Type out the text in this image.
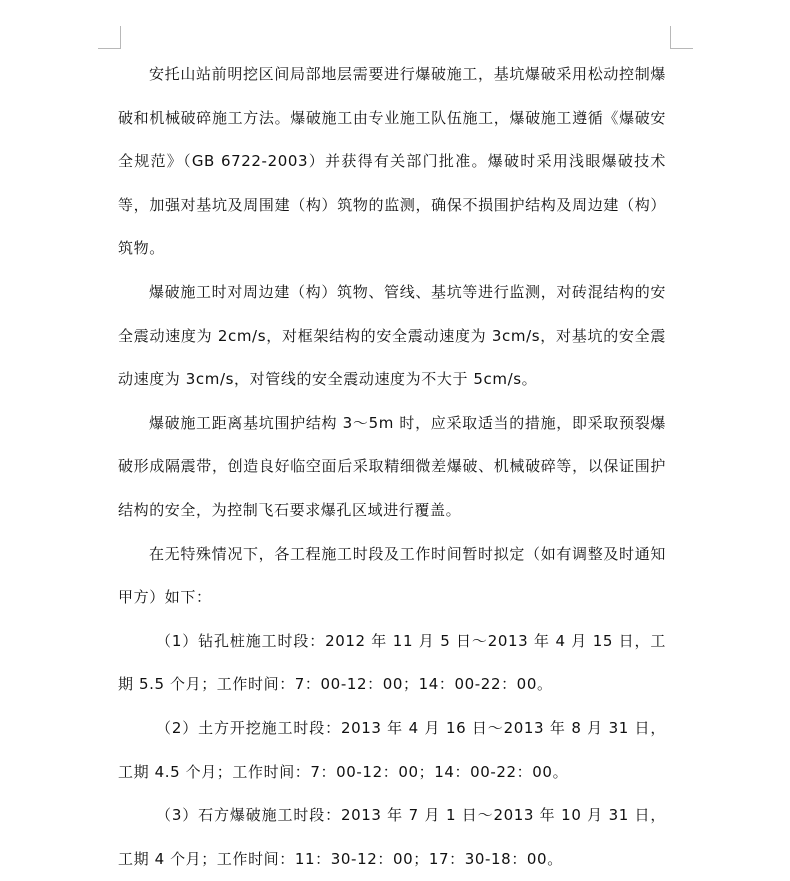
安托山站前明挖区间局部地层需要进行爆破施工，基坑爆破采用松动控制爆破和机械破碎施工方法。爆破施工由专业施工队伍施工，爆破施工遵循《爆破安全规范》（GB 6722-2003）并获得有关部门批准。爆破时采用浅眼爆破技术等，加强对基坑及周围建（构）筑物的监测，确保不损围护结构及周边建（构）筑物。

爆破施工时对周边建（构）筑物、管线、基坑等进行监测，对砖混结构的安全震动速度为 2cm/s，对框架结构的安全震动速度为 3cm/s，对基坑的安全震动速度为 3cm/s，对管线的安全震动速度为不大于 5cm/s。

爆破施工距离基坑围护结构 3～5m 时，应采取适当的措施，即采取预裂爆破形成隔震带，创造良好临空面后采取精细微差爆破、机械破碎等，以保证围护结构的安全，为控制飞石要求爆孔区域进行覆盖。

在无特殊情况下，各工程施工时段及工作时间暂时拟定（如有调整及时通知甲方）如下：

（1）钻孔桩施工时段：2012 年 11 月 5 日～2013 年 4 月 15 日，工期 5.5 个月；工作时间：7：00-12：00；14：00-22：00。

（2）土方开挖施工时段：2013 年 4 月 16 日～2013 年 8 月 31 日，工期 4.5 个月；工作时间：7：00-12：00；14：00-22：00。

（3）石方爆破施工时段：2013 年 7 月 1 日～2013 年 10 月 31 日，工期 4 个月；工作时间：11：30-12：00；17：30-18：00。
